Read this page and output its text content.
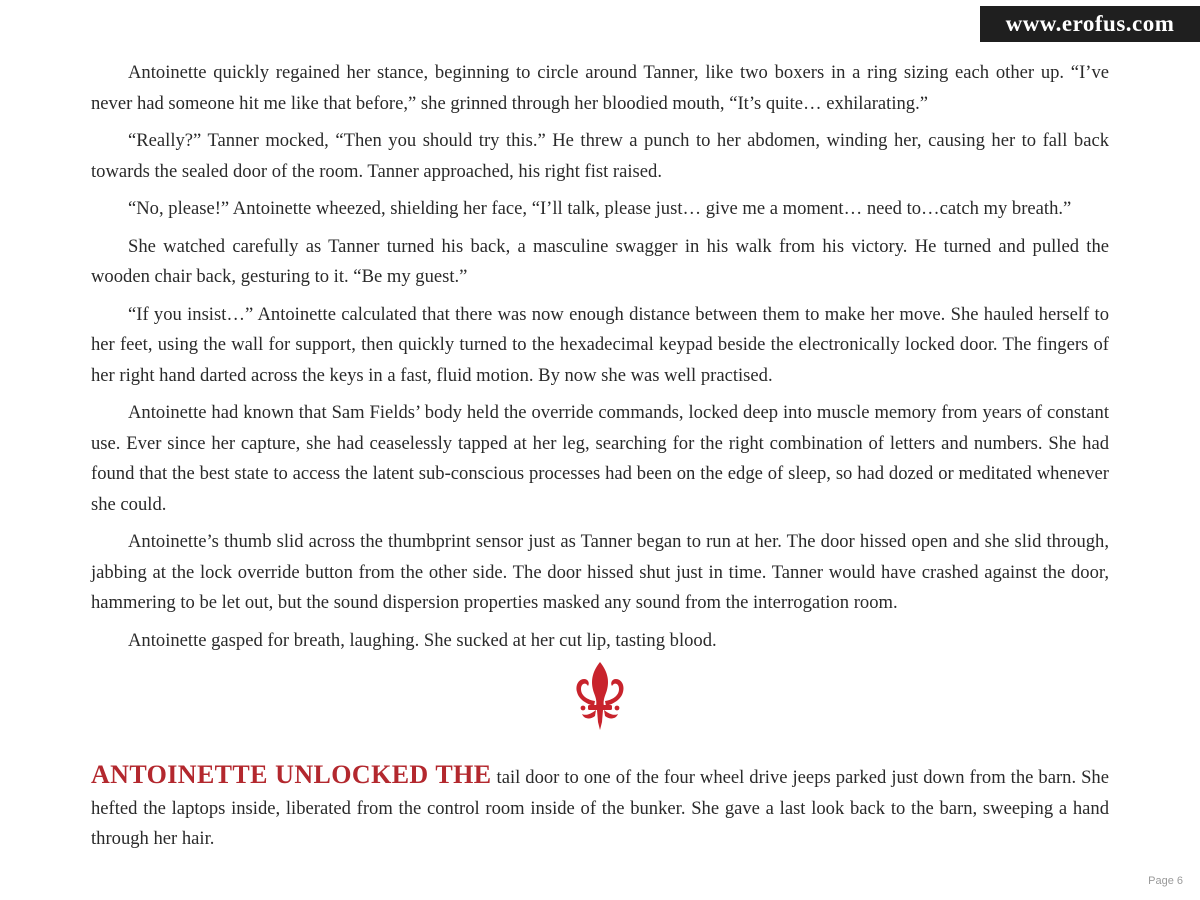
www.erofus.com

Antoinette quickly regained her stance, beginning to circle around Tanner, like two boxers in a ring sizing each other up. “I’ve never had someone hit me like that before,” she grinned through her bloodied mouth, “It’s quite… exhilarating.”

“Really?” Tanner mocked, “Then you should try this.” He threw a punch to her abdomen, winding her, causing her to fall back towards the sealed door of the room. Tanner approached, his right fist raised.

“No, please!” Antoinette wheezed, shielding her face, “I’ll talk, please just… give me a moment… need to…catch my breath.”

She watched carefully as Tanner turned his back, a masculine swagger in his walk from his victory. He turned and pulled the wooden chair back, gesturing to it. “Be my guest.”

“If you insist…” Antoinette calculated that there was now enough distance between them to make her move. She hauled herself to her feet, using the wall for support, then quickly turned to the hexadecimal keypad beside the electronically locked door. The fingers of her right hand darted across the keys in a fast, fluid motion. By now she was well practised.

Antoinette had known that Sam Fields’ body held the override commands, locked deep into muscle memory from years of constant use. Ever since her capture, she had ceaselessly tapped at her leg, searching for the right combination of letters and numbers. She had found that the best state to access the latent sub-conscious processes had been on the edge of sleep, so had dozed or meditated whenever she could.

Antoinette’s thumb slid across the thumbprint sensor just as Tanner began to run at her. The door hissed open and she slid through, jabbing at the lock override button from the other side. The door hissed shut just in time. Tanner would have crashed against the door, hammering to be let out, but the sound dispersion properties masked any sound from the interrogation room.

Antoinette gasped for breath, laughing. She sucked at her cut lip, tasting blood.

ANTOINETTE UNLOCKED THE tail door to one of the four wheel drive jeeps parked just down from the barn. She hefted the laptops inside, liberated from the control room inside of the bunker. She gave a last look back to the barn, sweeping a hand through her hair.

Page 6
